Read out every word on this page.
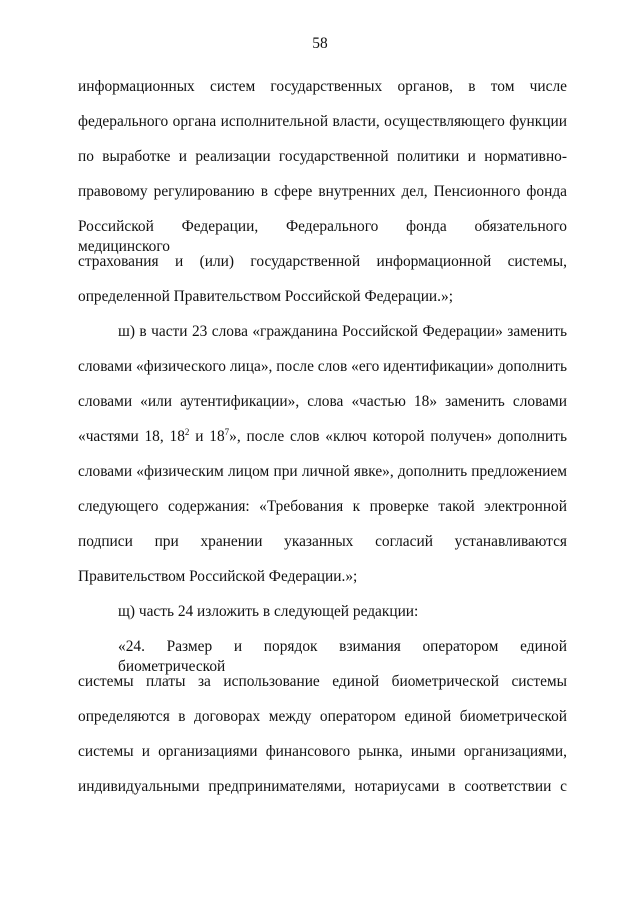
58
информационных систем государственных органов, в том числе
федерального органа исполнительной власти, осуществляющего функции
по выработке и реализации государственной политики и нормативно-
правовому регулированию в сфере внутренних дел, Пенсионного фонда
Российской Федерации, Федерального фонда обязательного медицинского
страхования и (или) государственной информационной системы,
определенной Правительством Российской Федерации.»;
ш) в части 23 слова «гражданина Российской Федерации» заменить
словами «физического лица», после слов «его идентификации» дополнить
словами «или аутентификации», слова «частью 18» заменить словами
«частями 18, $18^2$ и $18^7$», после слов «ключ которой получен» дополнить
словами «физическим лицом при личной явке», дополнить предложением
следующего содержания: «Требования к проверке такой электронной
подписи при хранении указанных согласий устанавливаются
Правительством Российской Федерации.»;
щ) часть 24 изложить в следующей редакции:
«24. Размер и порядок взимания оператором единой биометрической
системы платы за использование единой биометрической системы
определяются в договорах между оператором единой биометрической
системы и организациями финансового рынка, иными организациями,
индивидуальными предпринимателями, нотариусами в соответствии с
